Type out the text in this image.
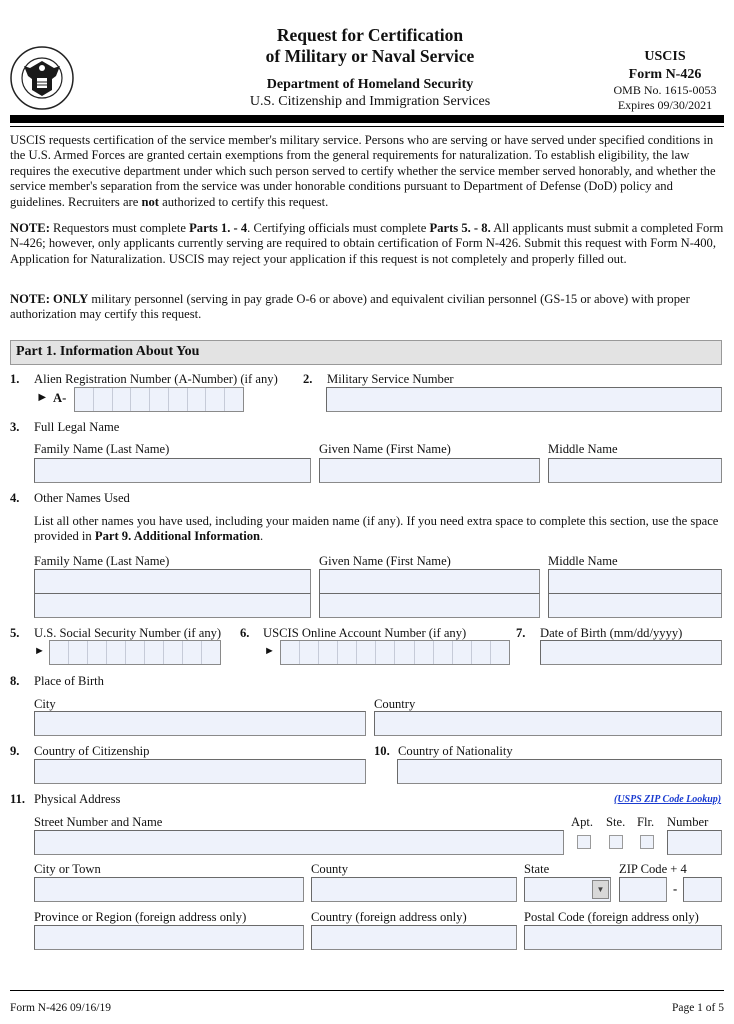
Request for Certification
of Military or Naval Service
Department of Homeland Security
U.S. Citizenship and Immigration Services
USCIS
Form N-426
OMB No. 1615-0053
Expires 09/30/2021
USCIS requests certification of the service member's military service. Persons who are serving or have served under specified conditions in the U.S. Armed Forces are granted certain exemptions from the general requirements for naturalization. To establish eligibility, the law requires the executive department under which such person served to certify whether the service member served honorably, and whether the service member's separation from the service was under honorable conditions pursuant to Department of Defense (DoD) policy and guidelines. Recruiters are not authorized to certify this request.
NOTE: Requestors must complete Parts 1. - 4. Certifying officials must complete Parts 5. - 8. All applicants must submit a completed Form N-426; however, only applicants currently serving are required to obtain certification of Form N-426. Submit this request with Form N-400, Application for Naturalization. USCIS may reject your application if this request is not completely and properly filled out.
NOTE: ONLY military personnel (serving in pay grade O-6 or above) and equivalent civilian personnel (GS-15 or above) with proper authorization may certify this request.
Part 1. Information About You
1. Alien Registration Number (A-Number) (if any)
► A-
2. Military Service Number
3. Full Legal Name
Family Name (Last Name)	Given Name (First Name)	Middle Name
4. Other Names Used
List all other names you have used, including your maiden name (if any). If you need extra space to complete this section, use the space provided in Part 9. Additional Information.
Family Name (Last Name)	Given Name (First Name)	Middle Name
5. U.S. Social Security Number (if any)
►
6. USCIS Online Account Number (if any)
►
7. Date of Birth (mm/dd/yyyy)
8. Place of Birth
City	Country
9. Country of Citizenship	10. Country of Nationality
11. Physical Address	(USPS ZIP Code Lookup)
Street Number and Name	Apt. Ste. Flr. Number
City or Town	County	State	ZIP Code + 4
▼	-
Province or Region (foreign address only)	Country (foreign address only)	Postal Code (foreign address only)
Form N-426 09/16/19	Page 1 of 5
